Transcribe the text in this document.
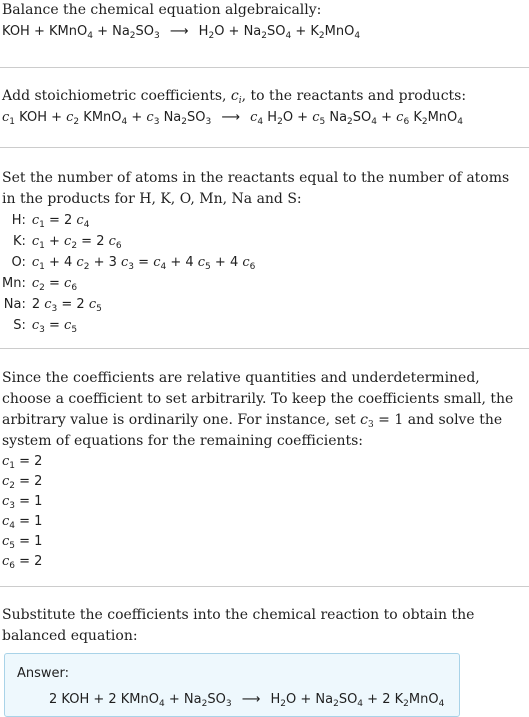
Balance the chemical equation algebraically:
KOH + KMnO$_4$ + $Na_2SO_3$ ⟶ $H_2O + Na_2SO_4 + K_2MnO_4$
Add stoichiometric coefficients, $c_i$, to the reactants and products:
$c_1$ KOH + $c_2$ KMnO$_4$ + $c_3$ $Na_2SO_3$ ⟶ $c_4$ $H_2O + c_5$ $Na_2SO_4 + c_6$ $K_2MnO_4$
Set the number of atoms in the reactants equal to the number of atoms in the products for H, K, O, Mn, Na and S:
H:	$c_1 = 2$ $c_4$
K:	$c_1 + c_2 = 2$ $c_6$
O:	$c_1 + 4$ $c_2 + 3$ $c_3 = c_4 + 4$ $c_5 + 4$ $c_6$
Mn:	$c_2 = c_6$
Na:	2 $c_3 = 2$ $c_5$
S:	$c_3 = c_5$
Since the coefficients are relative quantities and underdetermined, choose a coefficient to set arbitrarily. To keep the coefficients small, the arbitrary value is ordinarily one. For instance, set $c_3 = 1$ and solve the system of equations for the remaining coefficients:
$c_1 = 2$
$c_2 = 2$
$c_3 = 1$
$c_4 = 1$
$c_5 = 1$
$c_6 = 2$
Substitute the coefficients into the chemical reaction to obtain the balanced equation:
Answer:
2 KOH + 2 KMnO$_4$ + $Na_2SO_3$ ⟶ $H_2O + Na_2SO_4 + 2$ $K_2MnO_4$
